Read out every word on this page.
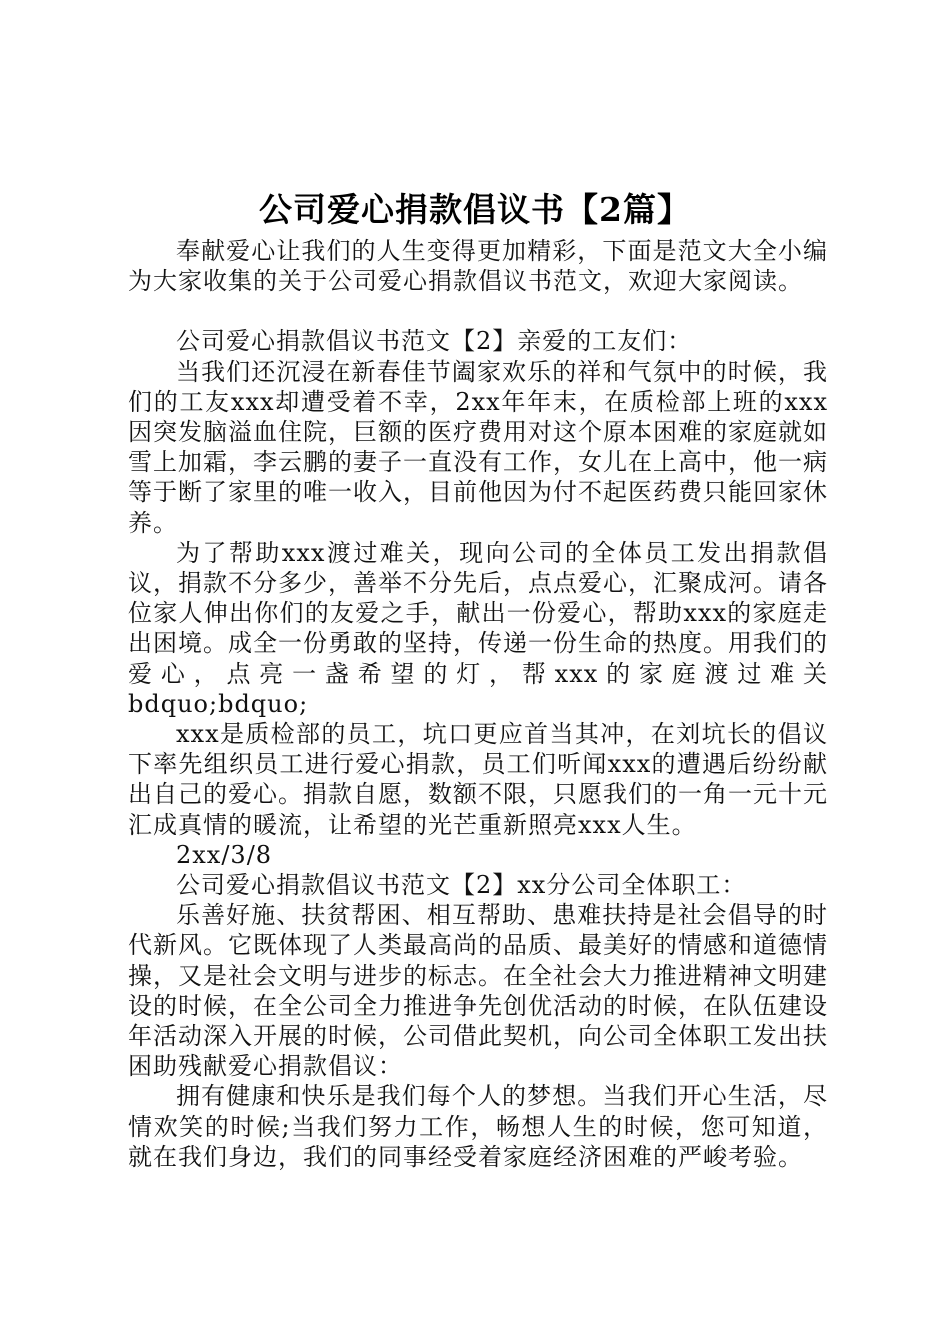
公司爱心捐款倡议书【2篇】

奉献爱心让我们的人生变得更加精彩，下面是范文大全小编为大家收集的关于公司爱心捐款倡议书范文，欢迎大家阅读。

公司爱心捐款倡议书范文【2】亲爱的工友们：

当我们还沉浸在新春佳节阖家欢乐的祥和气氛中的时候，我们的工友xxx却遭受着不幸，2xx年年末，在质检部上班的xxx因突发脑溢血住院，巨额的医疗费用对这个原本困难的家庭就如雪上加霜，李云鹏的妻子一直没有工作，女儿在上高中，他一病等于断了家里的唯一收入，目前他因为付不起医药费只能回家休养。

为了帮助xxx渡过难关，现向公司的全体员工发出捐款倡议，捐款不分多少，善举不分先后，点点爱心，汇聚成河。请各位家人伸出你们的友爱之手，献出一份爱心，帮助xxx的家庭走出困境。成全一份勇敢的坚持，传递一份生命的热度。用我们的爱心，点亮一盏希望的灯，帮xxx的家庭渡过难关bdquo;bdquo;

xxx是质检部的员工，坑口更应首当其冲，在刘坑长的倡议下率先组织员工进行爱心捐款，员工们听闻xxx的遭遇后纷纷献出自己的爱心。捐款自愿，数额不限，只愿我们的一角一元十元汇成真情的暖流，让希望的光芒重新照亮xxx人生。

2xx/3/8

公司爱心捐款倡议书范文【2】xx分公司全体职工：

乐善好施、扶贫帮困、相互帮助、患难扶持是社会倡导的时代新风。它既体现了人类最高尚的品质、最美好的情感和道德情操，又是社会文明与进步的标志。在全社会大力推进精神文明建设的时候，在全公司全力推进争先创优活动的时候，在队伍建设年活动深入开展的时候，公司借此契机，向公司全体职工发出扶困助残献爱心捐款倡议：

拥有健康和快乐是我们每个人的梦想。当我们开心生活，尽情欢笑的时候;当我们努力工作，畅想人生的时候，您可知道，就在我们身边，我们的同事经受着家庭经济困难的严峻考验。
